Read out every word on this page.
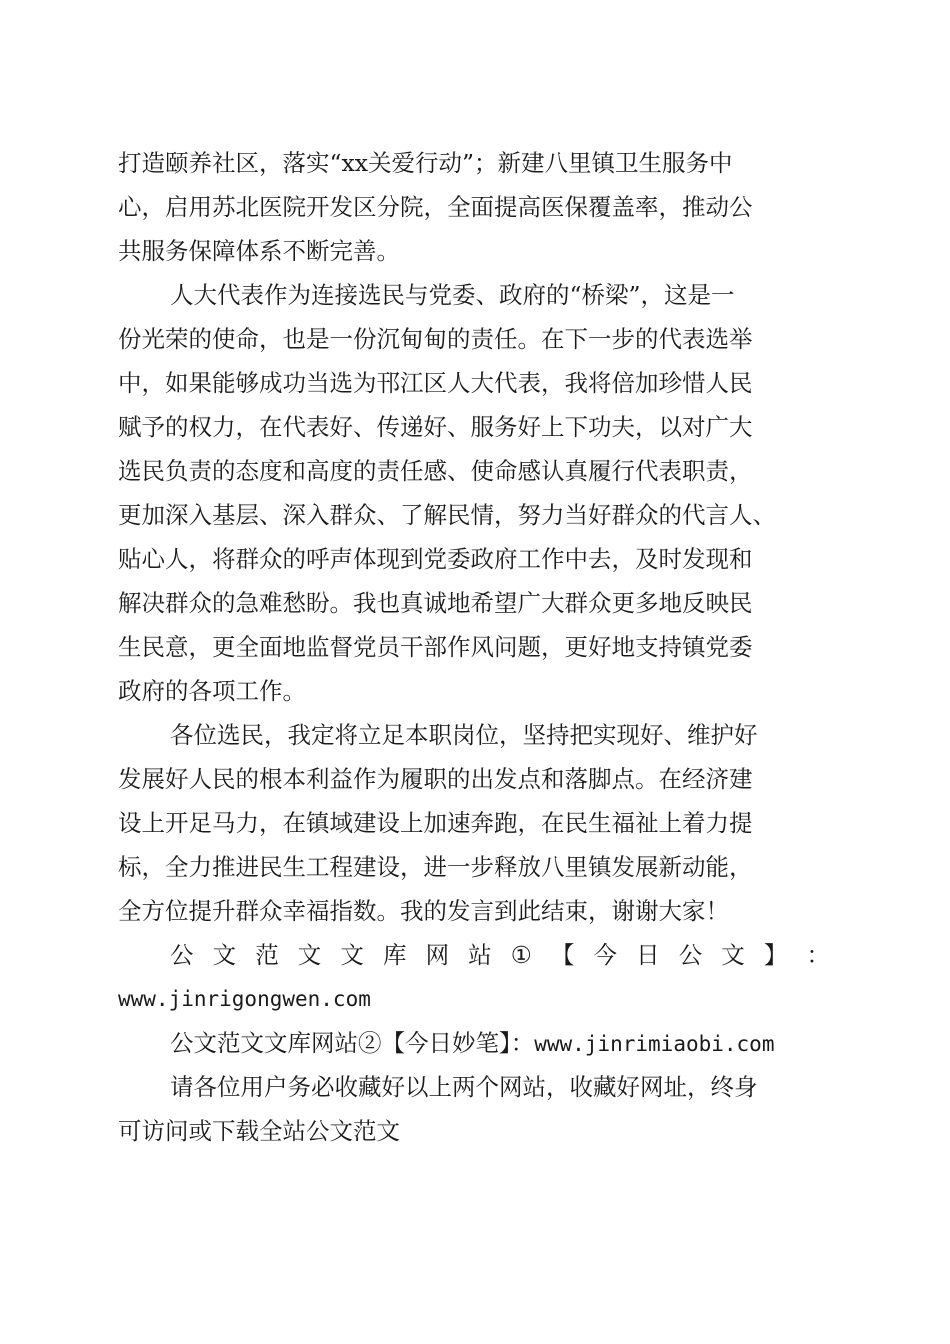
打造颐养社区，落实“xx关爱行动”；新建八里镇卫生服务中
心，启用苏北医院开发区分院，全面提高医保覆盖率，推动公
共服务保障体系不断完善。
人大代表作为连接选民与党委、政府的“桥梁”，这是一
份光荣的使命，也是一份沉甸甸的责任。在下一步的代表选举
中，如果能够成功当选为邗江区人大代表，我将倍加珍惜人民
赋予的权力，在代表好、传递好、服务好上下功夫，以对广大
选民负责的态度和高度的责任感、使命感认真履行代表职责，
更加深入基层、深入群众、了解民情，努力当好群众的代言人、
贴心人，将群众的呼声体现到党委政府工作中去，及时发现和
解决群众的急难愁盼。我也真诚地希望广大群众更多地反映民
生民意，更全面地监督党员干部作风问题，更好地支持镇党委
政府的各项工作。
各位选民，我定将立足本职岗位，坚持把实现好、维护好
发展好人民的根本利益作为履职的出发点和落脚点。在经济建
设上开足马力，在镇域建设上加速奔跑，在民生福祉上着力提
标，全力推进民生工程建设，进一步释放八里镇发展新动能，
全方位提升群众幸福指数。我的发言到此结束，谢谢大家！
公 文 范 文 文 库 网 站 ① 【 今 日 公 文 】 ：
www.jinrigongwen.com
公文范文文库网站②【今日妙笔】：www.jinrimiaobi.com
请各位用户务必收藏好以上两个网站，收藏好网址，终身
可访问或下载全站公文范文
